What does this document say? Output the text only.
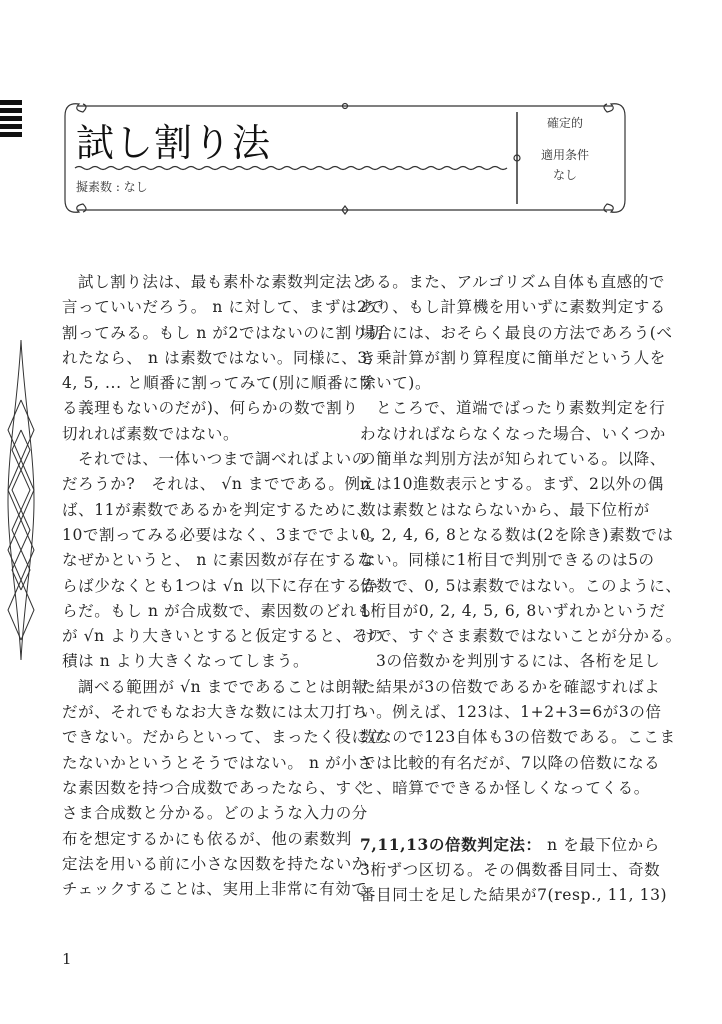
試し割り法
擬素数 : なし
確定的
適用条件
なし
試し割り法は、最も素朴な素数判定法と
言っていいだろう。 n に対して、まずは2で
割ってみる。もし n が2ではないのに割り切
れたなら、 n は素数ではない。同様に、3,
4, 5, ... と順番に割ってみて(別に順番にす
る義理もないのだが)、何らかの数で割り
切れれば素数ではない。
それでは、一体いつまで調べればよいの
だろうか?　それは、 √n までである。例え
ば、11が素数であるかを判定するために、
10で割ってみる必要はなく、3まででよい。
なぜかというと、 n に素因数が存在するな
らば少なくとも1つは √n 以下に存在するか
らだ。もし n が合成数で、素因数のどれも
が √n より大きいとすると仮定すると、その
積は n より大きくなってしまう。
調べる範囲が √n までであることは朗報
だが、それでもなお大きな数には太刀打ち
できない。だからといって、まったく役に立
たないかというとそうではない。 n が小さ
な素因数を持つ合成数であったなら、すぐ
さま合成数と分かる。どのような入力の分
布を想定するかにも依るが、他の素数判
定法を用いる前に小さな因数を持たないか
チェックすることは、実用上非常に有効で
ある。また、アルゴリズム自体も直感的で
あり、もし計算機を用いずに素数判定する
場合には、おそらく最良の方法であろう(べ
き乗計算が割り算程度に簡単だという人を
除いて)。
ところで、道端でばったり素数判定を行
わなければならなくなった場合、いくつか
の簡単な判別方法が知られている。以降、
n は10進数表示とする。まず、2以外の偶
数は素数とはならないから、最下位桁が
0, 2, 4, 6, 8となる数は(2を除き)素数では
ない。同様に1桁目で判別できるのは5の
倍数で、0, 5は素数ではない。このように、
1桁目が0, 2, 4, 5, 6, 8いずれかというだ
けで、すぐさま素数ではないことが分かる。
3の倍数かを判別するには、各桁を足し
た結果が3の倍数であるかを確認すればよ
い。例えば、123は、1+2+3=6が3の倍
数なので123自体も3の倍数である。ここま
では比較的有名だが、7以降の倍数になる
と、暗算でできるか怪しくなってくる。
7,11,13の倍数判定法： n を最下位から
3桁ずつ区切る。その偶数番目同士、奇数
番目同士を足した結果が7(resp., 11, 13)
1
